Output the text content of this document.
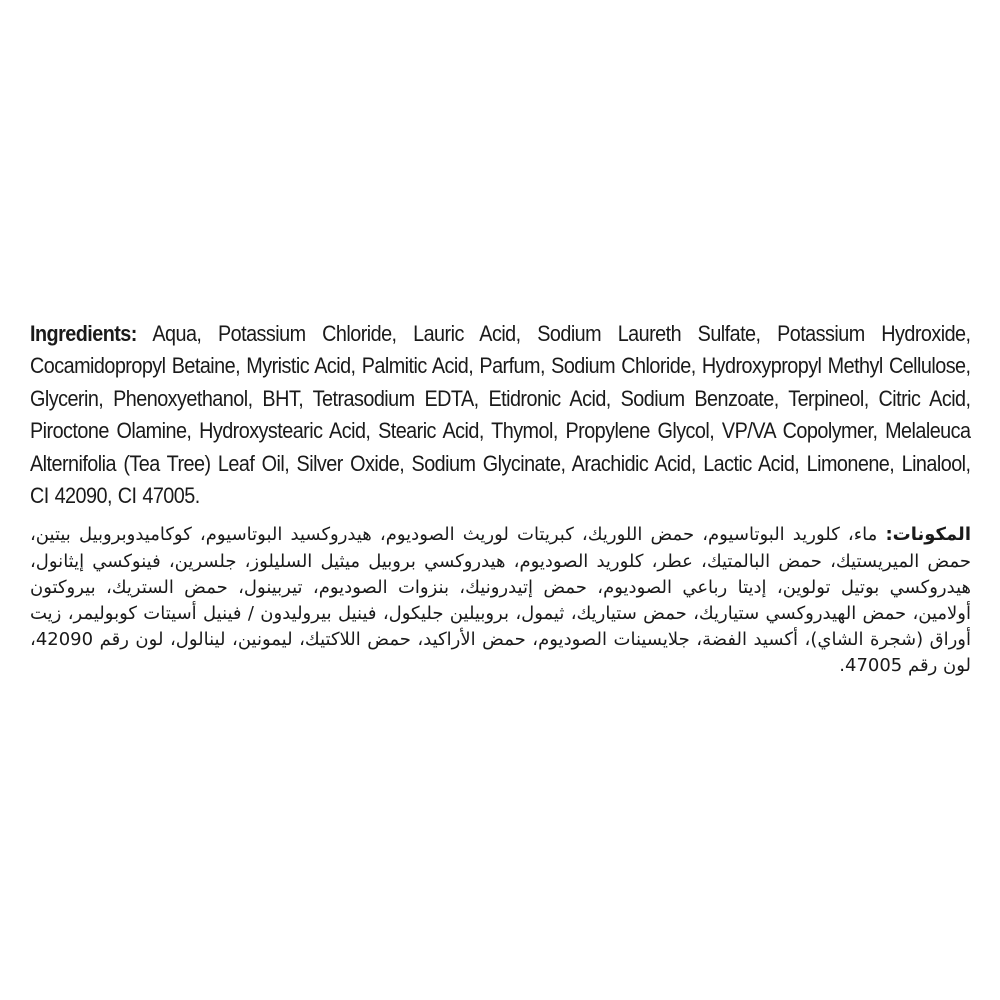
Ingredients: Aqua, Potassium Chloride, Lauric Acid, Sodium Laureth Sulfate, Potassium Hydroxide, Cocamidopropyl Betaine, Myristic Acid, Palmitic Acid, Parfum, Sodium Chloride, Hydroxypropyl Methyl Cellulose, Glycerin, Phenoxyethanol, BHT, Tetrasodium EDTA, Etidronic Acid, Sodium Benzoate, Terpineol, Citric Acid, Piroctone Olamine, Hydroxystearic Acid, Stearic Acid, Thymol, Propylene Glycol, VP/VA Copolymer, Melaleuca Alternifolia (Tea Tree) Leaf Oil, Silver Oxide, Sodium Glycinate, Arachidic Acid, Lactic Acid, Limonene, Linalool, CI 42090, CI 47005.

المكونات: ماء، كلوريد البوتاسيوم، حمض اللوريك، كبريتات لوريث الصوديوم، هيدروكسيد البوتاسيوم، كوكاميدوبروبيل بيتين، حمض الميريستيك، حمض البالمتيك، عطر، كلوريد الصوديوم، هيدروكسي بروبيل ميثيل السليلوز، جلسرين، فينوكسي إيثانول، هيدروكسي بوتيل تولوين، إديتا رباعي الصوديوم، حمض إتيدرونيك، بنزوات الصوديوم، تيربينول، حمض الستريك، بيروكتون أولامين، حمض الهيدروكسي ستياريك، حمض ستياريك، ثيمول، بروبيلين جليكول، فينيل بيروليدون / فينيل أسيتات كوبوليمر، زيت أوراق (شجرة الشاي)، أكسيد الفضة، جلايسينات الصوديوم، حمض الأراكيد، حمض اللاكتيك، ليمونين، لينالول، لون رقم 42090، لون رقم 47005.
